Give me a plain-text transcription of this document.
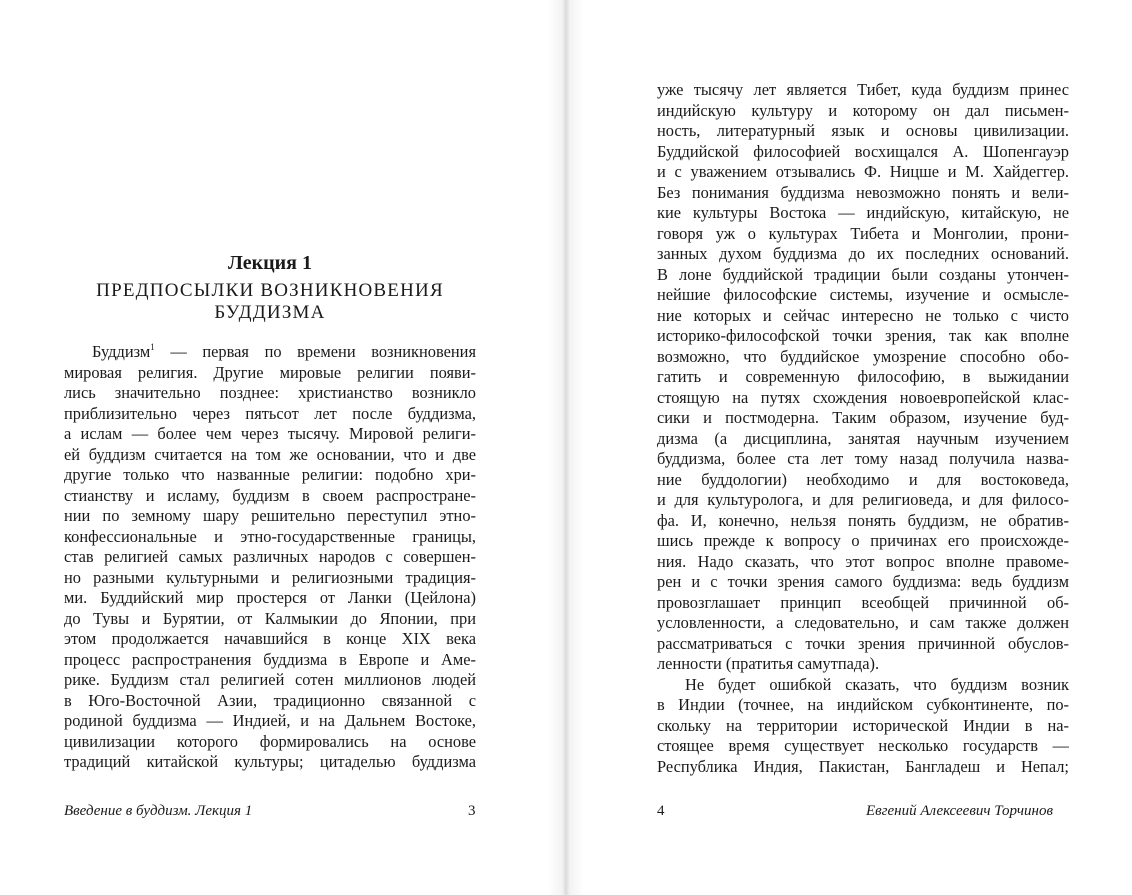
Лекция 1
ПРЕДПОСЫЛКИ ВОЗНИКНОВЕНИЯ
БУДДИЗМА
Буддизм$^1$ — первая по времени возникновения
мировая религия. Другие мировые религии появи-
лись значительно позднее: христианство возникло
приблизительно через пятьсот лет после буддизма,
а ислам — более чем через тысячу. Мировой религи-
ей буддизм считается на том же основании, что и две
другие только что названные религии: подобно хри-
стианству и исламу, буддизм в своем распростране-
нии по земному шару решительно переступил этно-
конфессиональные и этно-государственные границы,
став религией самых различных народов с совершен-
но разными культурными и религиозными традиция-
ми. Буддийский мир простерся от Ланки (Цейлона)
до Тувы и Бурятии, от Калмыкии до Японии, при
этом продолжается начавшийся в конце XIX века
процесс распространения буддизма в Европе и Аме-
рике. Буддизм стал религией сотен миллионов людей
в Юго-Восточной Азии, традиционно связанной с
родиной буддизма — Индией, и на Дальнем Востоке,
цивилизации которого формировались на основе
традиций китайской культуры; цитаделью буддизма
Введение в буддизм. Лекция 1	3
уже тысячу лет является Тибет, куда буддизм принес
индийскую культуру и которому он дал письмен-
ность, литературный язык и основы цивилизации.
Буддийской философией восхищался А. Шопенгауэр
и с уважением отзывались Ф. Ницше и М. Хайдеггер.
Без понимания буддизма невозможно понять и вели-
кие культуры Востока — индийскую, китайскую, не
говоря уж о культурах Тибета и Монголии, прони-
занных духом буддизма до их последних оснований.
В лоне буддийской традиции были созданы утончен-
нейшие философские системы, изучение и осмысле-
ние которых и сейчас интересно не только с чисто
историко-философской точки зрения, так как вполне
возможно, что буддийское умозрение способно обо-
гатить и современную философию, в выжидании
стоящую на путях схождения новоевропейской клас-
сики и постмодерна. Таким образом, изучение буд-
дизма (а дисциплина, занятая научным изучением
буддизма, более ста лет тому назад получила назва-
ние буддологии) необходимо и для востоковеда,
и для культуролога, и для религиоведа, и для филосо-
фа. И, конечно, нельзя понять буддизм, не обратив-
шись прежде к вопросу о причинах его происхожде-
ния. Надо сказать, что этот вопрос вполне правоме-
рен и с точки зрения самого буддизма: ведь буддизм
провозглашает принцип всеобщей причинной об-
условленности, а следовательно, и сам также должен
рассматриваться с точки зрения причинной обуслов-
ленности (пратитья самутпада).
Не будет ошибкой сказать, что буддизм возник
в Индии (точнее, на индийском субконтиненте, по-
скольку на территории исторической Индии в на-
стоящее время существует несколько государств —
Республика Индия, Пакистан, Бангладеш и Непал;
4	Евгений Алексеевич Торчинов
